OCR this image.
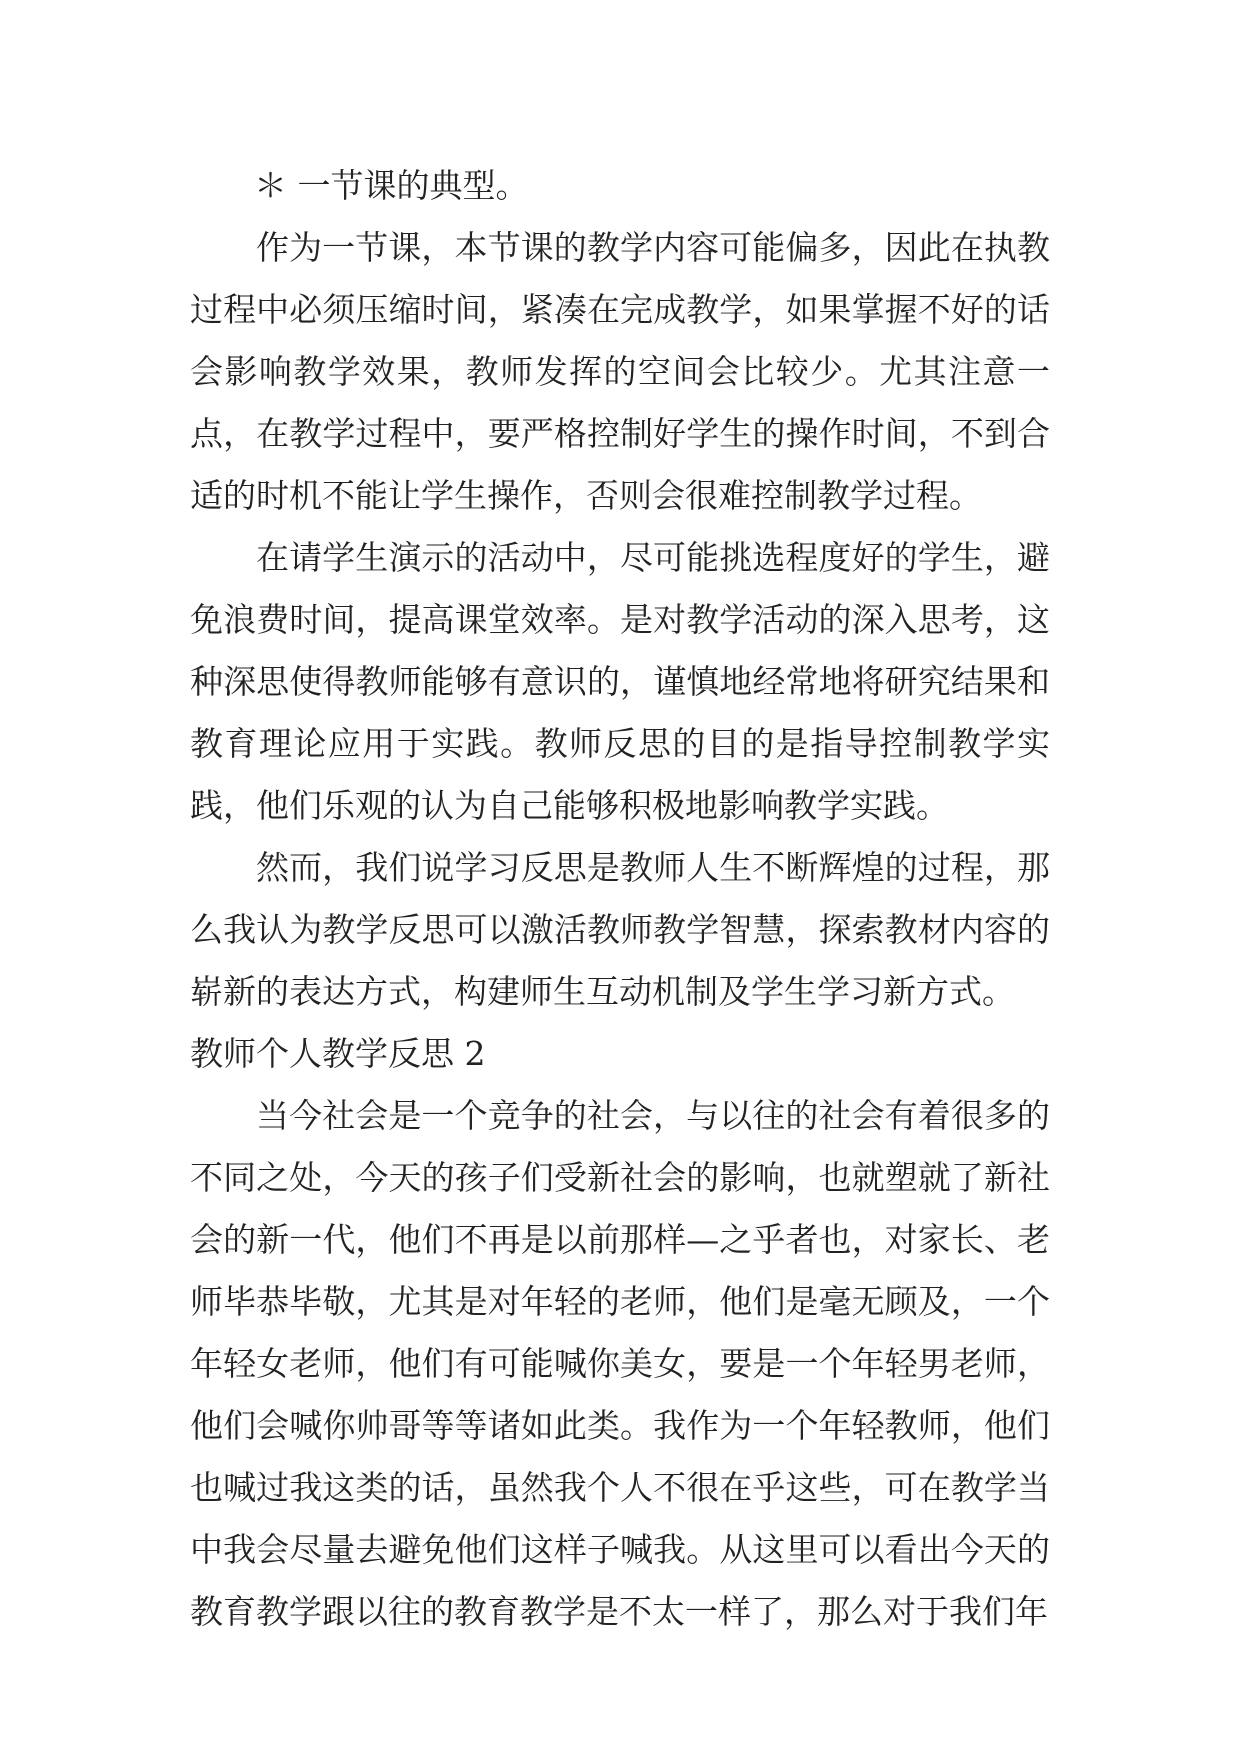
＊ 一节课的典型。

作为一节课，本节课的教学内容可能偏多，因此在执教过程中必须压缩时间，紧凑在完成教学，如果掌握不好的话会影响教学效果，教师发挥的空间会比较少。尤其注意一点，在教学过程中，要严格控制好学生的操作时间，不到合适的时机不能让学生操作，否则会很难控制教学过程。

在请学生演示的活动中，尽可能挑选程度好的学生，避免浪费时间，提高课堂效率。是对教学活动的深入思考，这种深思使得教师能够有意识的，谨慎地经常地将研究结果和教育理论应用于实践。教师反思的目的是指导控制教学实践，他们乐观的认为自己能够积极地影响教学实践。

然而，我们说学习反思是教师人生不断辉煌的过程，那么我认为教学反思可以激活教师教学智慧，探索教材内容的崭新的表达方式，构建师生互动机制及学生学习新方式。

教师个人教学反思 2

当今社会是一个竞争的社会，与以往的社会有着很多的不同之处，今天的孩子们受新社会的影响，也就塑就了新社会的新一代，他们不再是以前那样—之乎者也，对家长、老师毕恭毕敬，尤其是对年轻的老师，他们是毫无顾及，一个年轻女老师，他们有可能喊你美女，要是一个年轻男老师，他们会喊你帅哥等等诸如此类。我作为一个年轻教师，他们也喊过我这类的话，虽然我个人不很在乎这些，可在教学当中我会尽量去避免他们这样子喊我。从这里可以看出今天的教育教学跟以往的教育教学是不太一样了，那么对于我们年
